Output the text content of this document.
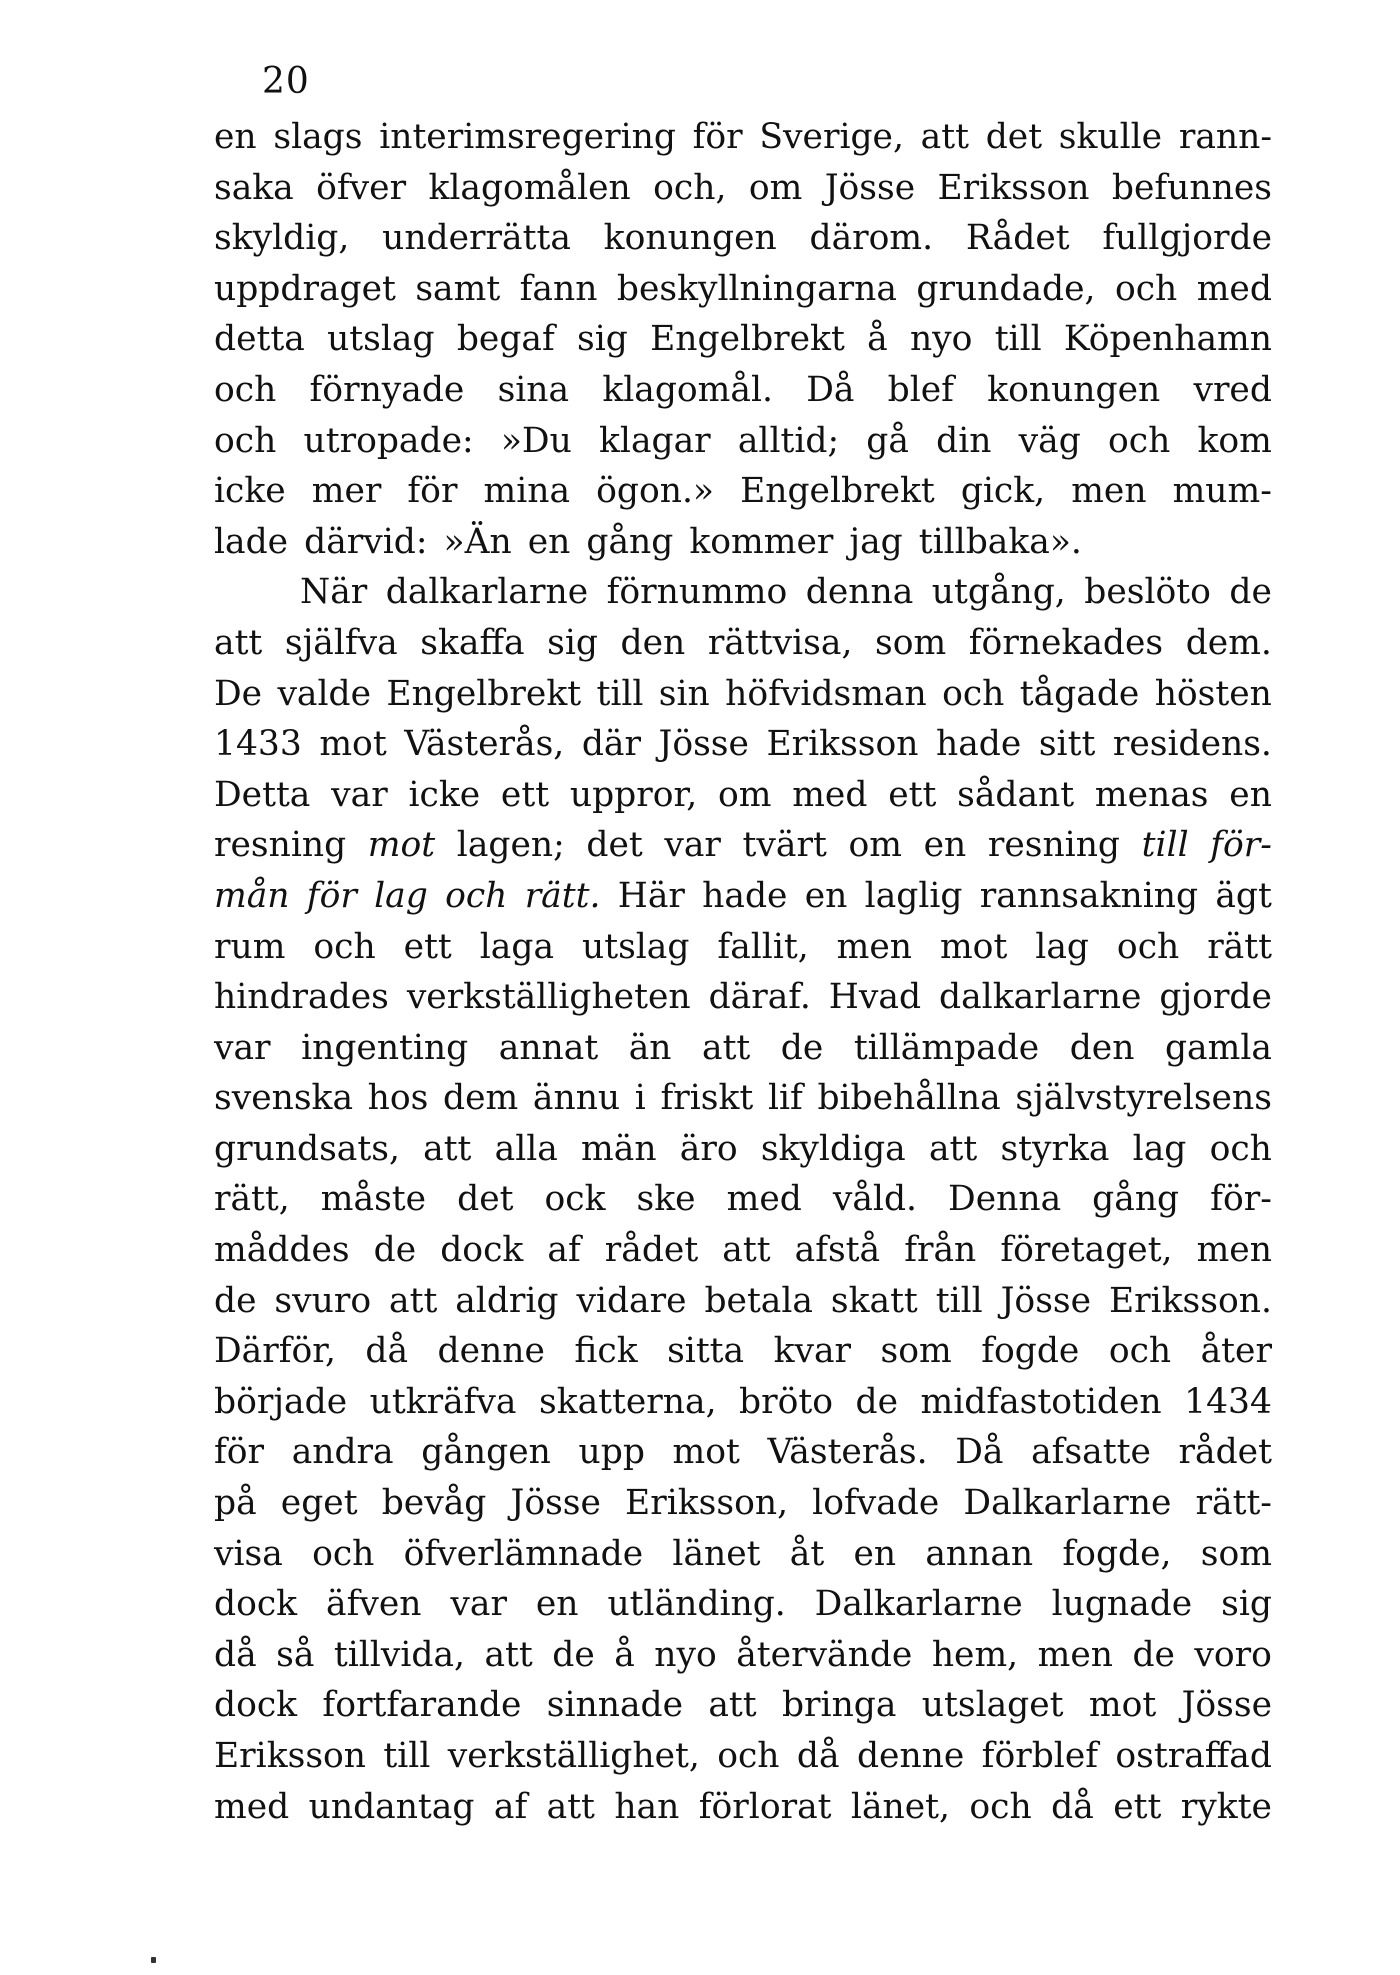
20
en slags interimsregering för Sverige, att det skulle rann-
saka öfver klagomålen och, om Jösse Eriksson befunnes
skyldig, underrätta konungen därom. Rådet fullgjorde
uppdraget samt fann beskyllningarna grundade, och med
detta utslag begaf sig Engelbrekt å nyo till Köpenhamn
och förnyade sina klagomål. Då blef konungen vred
och utropade: »Du klagar alltid; gå din väg och kom
icke mer för mina ögon.» Engelbrekt gick, men mum-
lade därvid: »Än en gång kommer jag tillbaka».
När dalkarlarne förnummo denna utgång, beslöto de
att själfva skaffa sig den rättvisa, som förnekades dem.
De valde Engelbrekt till sin höfvidsman och tågade hösten
1433 mot Västerås, där Jösse Eriksson hade sitt residens.
Detta var icke ett uppror, om med ett sådant menas en
resning mot lagen; det var tvärt om en resning till för-
mån för lag och rätt. Här hade en laglig rannsakning ägt
rum och ett laga utslag fallit, men mot lag och rätt
hindrades verkställigheten däraf. Hvad dalkarlarne gjorde
var ingenting annat än att de tillämpade den gamla
svenska hos dem ännu i friskt lif bibehållna självstyrelsens
grundsats, att alla män äro skyldiga att styrka lag och
rätt, måste det ock ske med våld. Denna gång för-
måddes de dock af rådet att afstå från företaget, men
de svuro att aldrig vidare betala skatt till Jösse Eriksson.
Därför, då denne fick sitta kvar som fogde och åter
började utkräfva skatterna, bröto de midfastotiden 1434
för andra gången upp mot Västerås. Då afsatte rådet
på eget bevåg Jösse Eriksson, lofvade Dalkarlarne rätt-
visa och öfverlämnade länet åt en annan fogde, som
dock äfven var en utländing. Dalkarlarne lugnade sig
då så tillvida, att de å nyo återvände hem, men de voro
dock fortfarande sinnade att bringa utslaget mot Jösse
Eriksson till verkställighet, och då denne förblef ostraffad
med undantag af att han förlorat länet, och då ett rykte
